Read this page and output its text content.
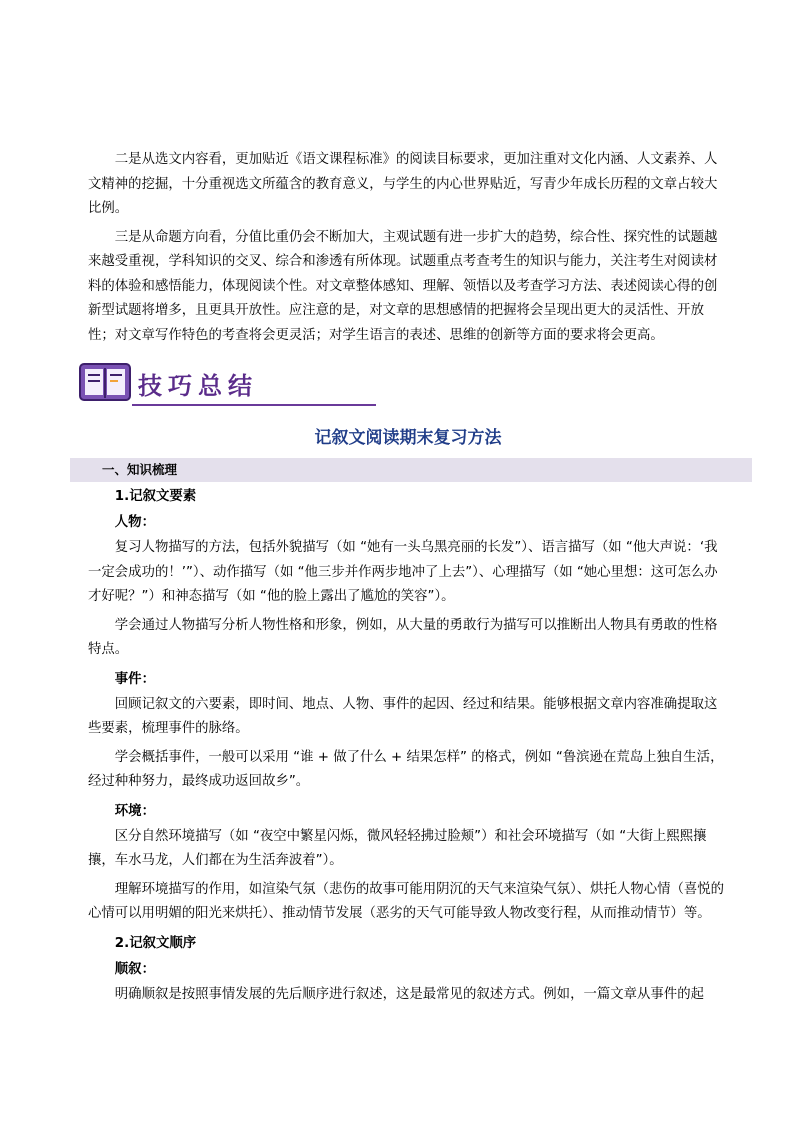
二是从选文内容看，更加贴近《语文课程标准》的阅读目标要求，更加注重对文化内涵、人文素养、人文精神的挖掘，十分重视选文所蕴含的教育意义，与学生的内心世界贴近，写青少年成长历程的文章占较大比例。

三是从命题方向看，分值比重仍会不断加大，主观试题有进一步扩大的趋势，综合性、探究性的试题越来越受重视，学科知识的交叉、综合和渗透有所体现。试题重点考查考生的知识与能力，关注考生对阅读材料的体验和感悟能力，体现阅读个性。对文章整体感知、理解、领悟以及考查学习方法、表述阅读心得的创新型试题将增多，且更具开放性。应注意的是，对文章的思想感情的把握将会呈现出更大的灵活性、开放性；对文章写作特色的考查将会更灵活；对学生语言的表述、思维的创新等方面的要求将会更高。

技巧总结
记叙文阅读期末复习方法
一、知识梳理

1.记叙文要素

人物：

复习人物描写的方法，包括外貌描写（如 “她有一头乌黑亮丽的长发”）、语言描写（如 “他大声说：‘我一定会成功的！’”）、动作描写（如 “他三步并作两步地冲了上去”）、心理描写（如 “她心里想：这可怎么办才好呢？”）和神态描写（如 “他的脸上露出了尴尬的笑容”）。

学会通过人物描写分析人物性格和形象，例如，从大量的勇敢行为描写可以推断出人物具有勇敢的性格特点。

事件：

回顾记叙文的六要素，即时间、地点、人物、事件的起因、经过和结果。能够根据文章内容准确提取这些要素，梳理事件的脉络。

学会概括事件，一般可以采用 “谁 + 做了什么 + 结果怎样” 的格式，例如 “鲁滨逊在荒岛上独自生活，经过种种努力，最终成功返回故乡”。

环境：

区分自然环境描写（如 “夜空中繁星闪烁，微风轻轻拂过脸颊”）和社会环境描写（如 “大街上熙熙攘攘，车水马龙，人们都在为生活奔波着”）。

理解环境描写的作用，如渲染气氛（悲伤的故事可能用阴沉的天气来渲染气氛）、烘托人物心情（喜悦的心情可以用明媚的阳光来烘托）、推动情节发展（恶劣的天气可能导致人物改变行程，从而推动情节）等。

2.记叙文顺序

顺叙：

明确顺叙是按照事情发展的先后顺序进行叙述，这是最常见的叙述方式。例如，一篇文章从事件的起
